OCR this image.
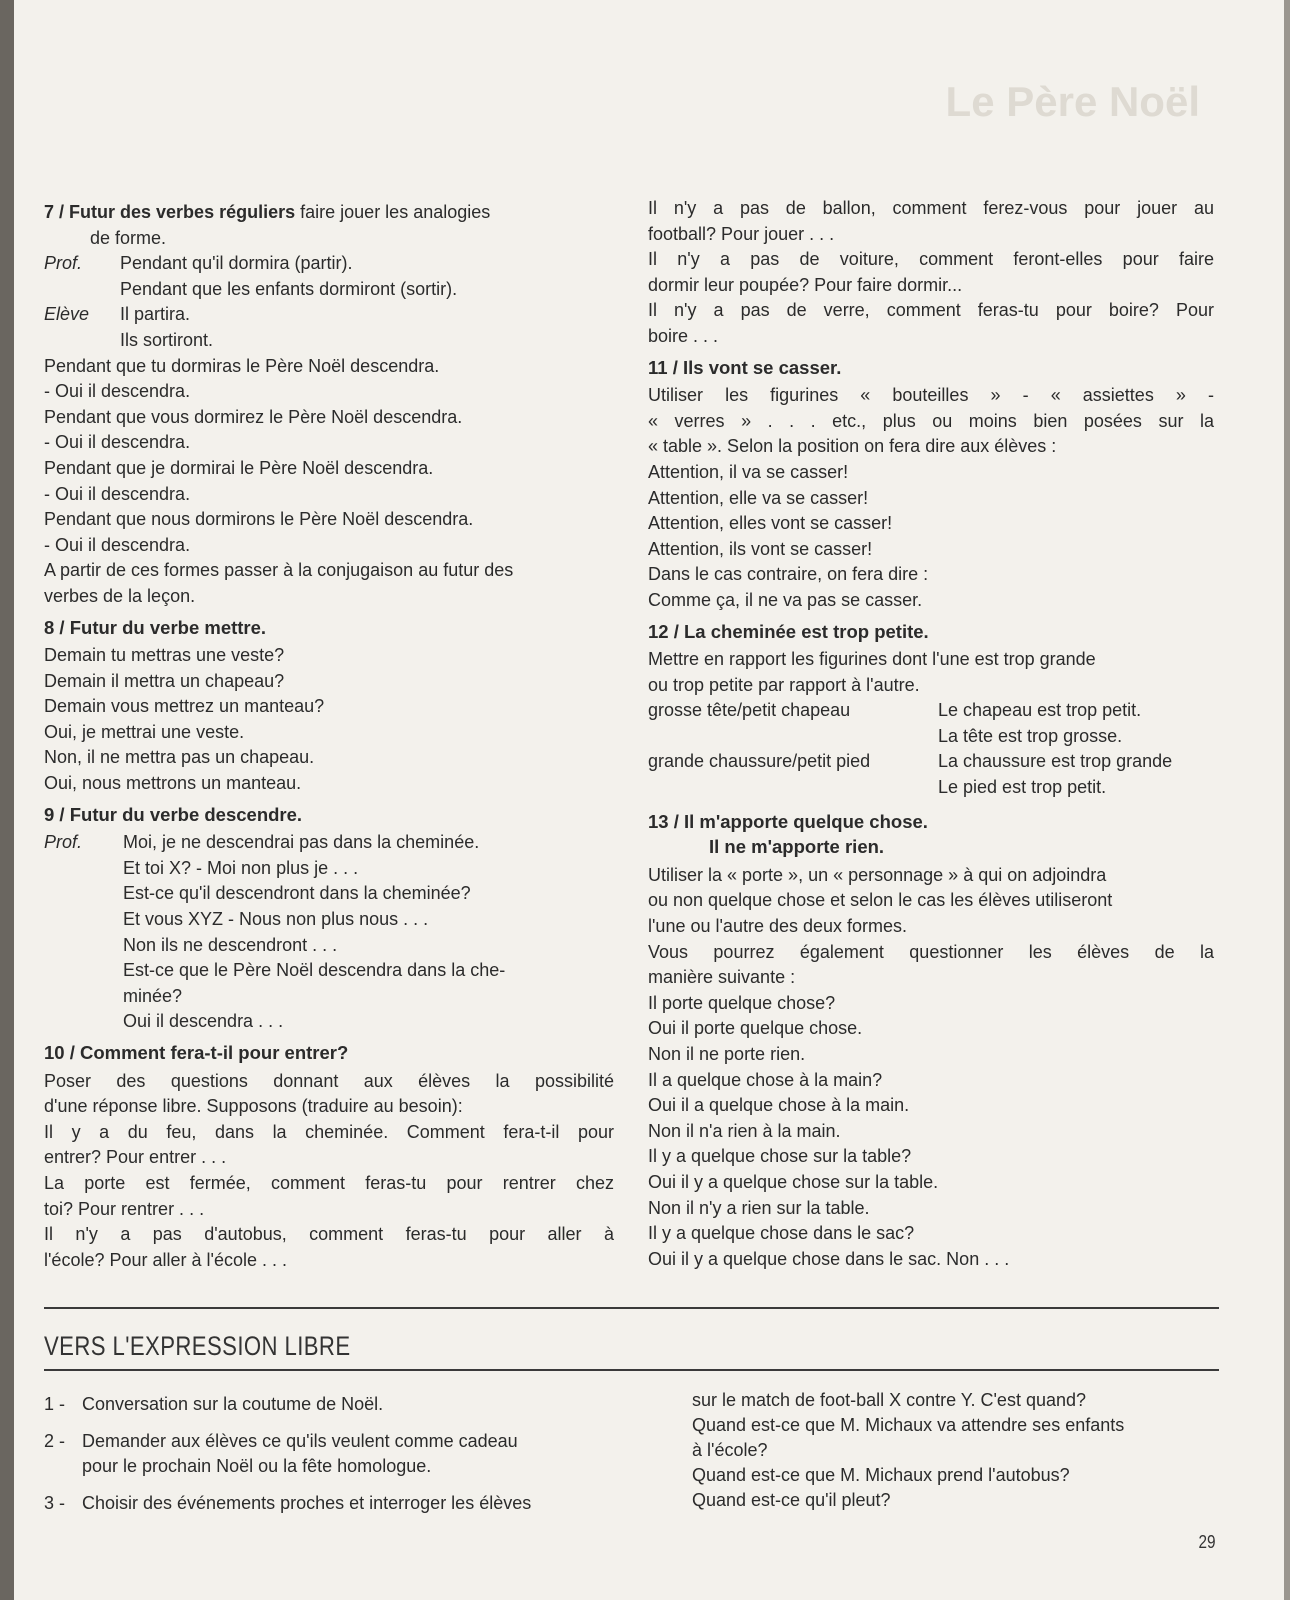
Le Père Noël
7 / Futur des verbes réguliers faire jouer les analogies
de forme.
Prof. Pendant qu'il dormira (partir).
Pendant que les enfants dormiront (sortir).
Elève Il partira.
Ils sortiront.
Pendant que tu dormiras le Père Noël descendra.
- Oui il descendra.
Pendant que vous dormirez le Père Noël descendra.
- Oui il descendra.
Pendant que je dormirai le Père Noël descendra.
- Oui il descendra.
Pendant que nous dormirons le Père Noël descendra.
- Oui il descendra.
A partir de ces formes passer à la conjugaison au futur des
verbes de la leçon.
8 / Futur du verbe mettre.
Demain tu mettras une veste?
Demain il mettra un chapeau?
Demain vous mettrez un manteau?
Oui, je mettrai une veste.
Non, il ne mettra pas un chapeau.
Oui, nous mettrons un manteau.
9 / Futur du verbe descendre.
Prof. Moi, je ne descendrai pas dans la cheminée.
Et toi X? - Moi non plus je . . .
Est-ce qu'il descendront dans la cheminée?
Et vous XYZ - Nous non plus nous . . .
Non ils ne descendront . . .
Est-ce que le Père Noël descendra dans la che-
minée?
Oui il descendra . . .
10 / Comment fera-t-il pour entrer?
Poser des questions donnant aux élèves la possibilité
d'une réponse libre. Supposons (traduire au besoin):
Il y a du feu, dans la cheminée. Comment fera-t-il pour
entrer? Pour entrer . . .
La porte est fermée, comment feras-tu pour rentrer chez
toi? Pour rentrer . . .
Il n'y a pas d'autobus, comment feras-tu pour aller à
l'école? Pour aller à l'école . . .
Il n'y a pas de ballon, comment ferez-vous pour jouer au
football? Pour jouer . . .
Il n'y a pas de voiture, comment feront-elles pour faire
dormir leur poupée? Pour faire dormir...
Il n'y a pas de verre, comment feras-tu pour boire? Pour
boire . . .
11 / Ils vont se casser.
Utiliser les figurines « bouteilles » - « assiettes » -
« verres » . . . etc., plus ou moins bien posées sur la
« table ». Selon la position on fera dire aux élèves :
Attention, il va se casser!
Attention, elle va se casser!
Attention, elles vont se casser!
Attention, ils vont se casser!
Dans le cas contraire, on fera dire :
Comme ça, il ne va pas se casser.
12 / La cheminée est trop petite.
Mettre en rapport les figurines dont l'une est trop grande
ou trop petite par rapport à l'autre.
grosse tête/petit chapeau	Le chapeau est trop petit.
La tête est trop grosse.
grande chaussure/petit pied	La chaussure est trop grande
Le pied est trop petit.
13 / Il m'apporte quelque chose.
Il ne m'apporte rien.
Utiliser la « porte », un « personnage » à qui on adjoindra
ou non quelque chose et selon le cas les élèves utiliseront
l'une ou l'autre des deux formes.
Vous pourrez également questionner les élèves de la
manière suivante :
Il porte quelque chose?
Oui il porte quelque chose.
Non il ne porte rien.
Il a quelque chose à la main?
Oui il a quelque chose à la main.
Non il n'a rien à la main.
Il y a quelque chose sur la table?
Oui il y a quelque chose sur la table.
Non il n'y a rien sur la table.
Il y a quelque chose dans le sac?
Oui il y a quelque chose dans le sac. Non . . .
VERS L'EXPRESSION LIBRE
1 - Conversation sur la coutume de Noël.
2 - Demander aux élèves ce qu'ils veulent comme cadeau
pour le prochain Noël ou la fête homologue.
3 - Choisir des événements proches et interroger les élèves
sur le match de foot-ball X contre Y. C'est quand?
Quand est-ce que M. Michaux va attendre ses enfants
à l'école?
Quand est-ce que M. Michaux prend l'autobus?
Quand est-ce qu'il pleut?
29
